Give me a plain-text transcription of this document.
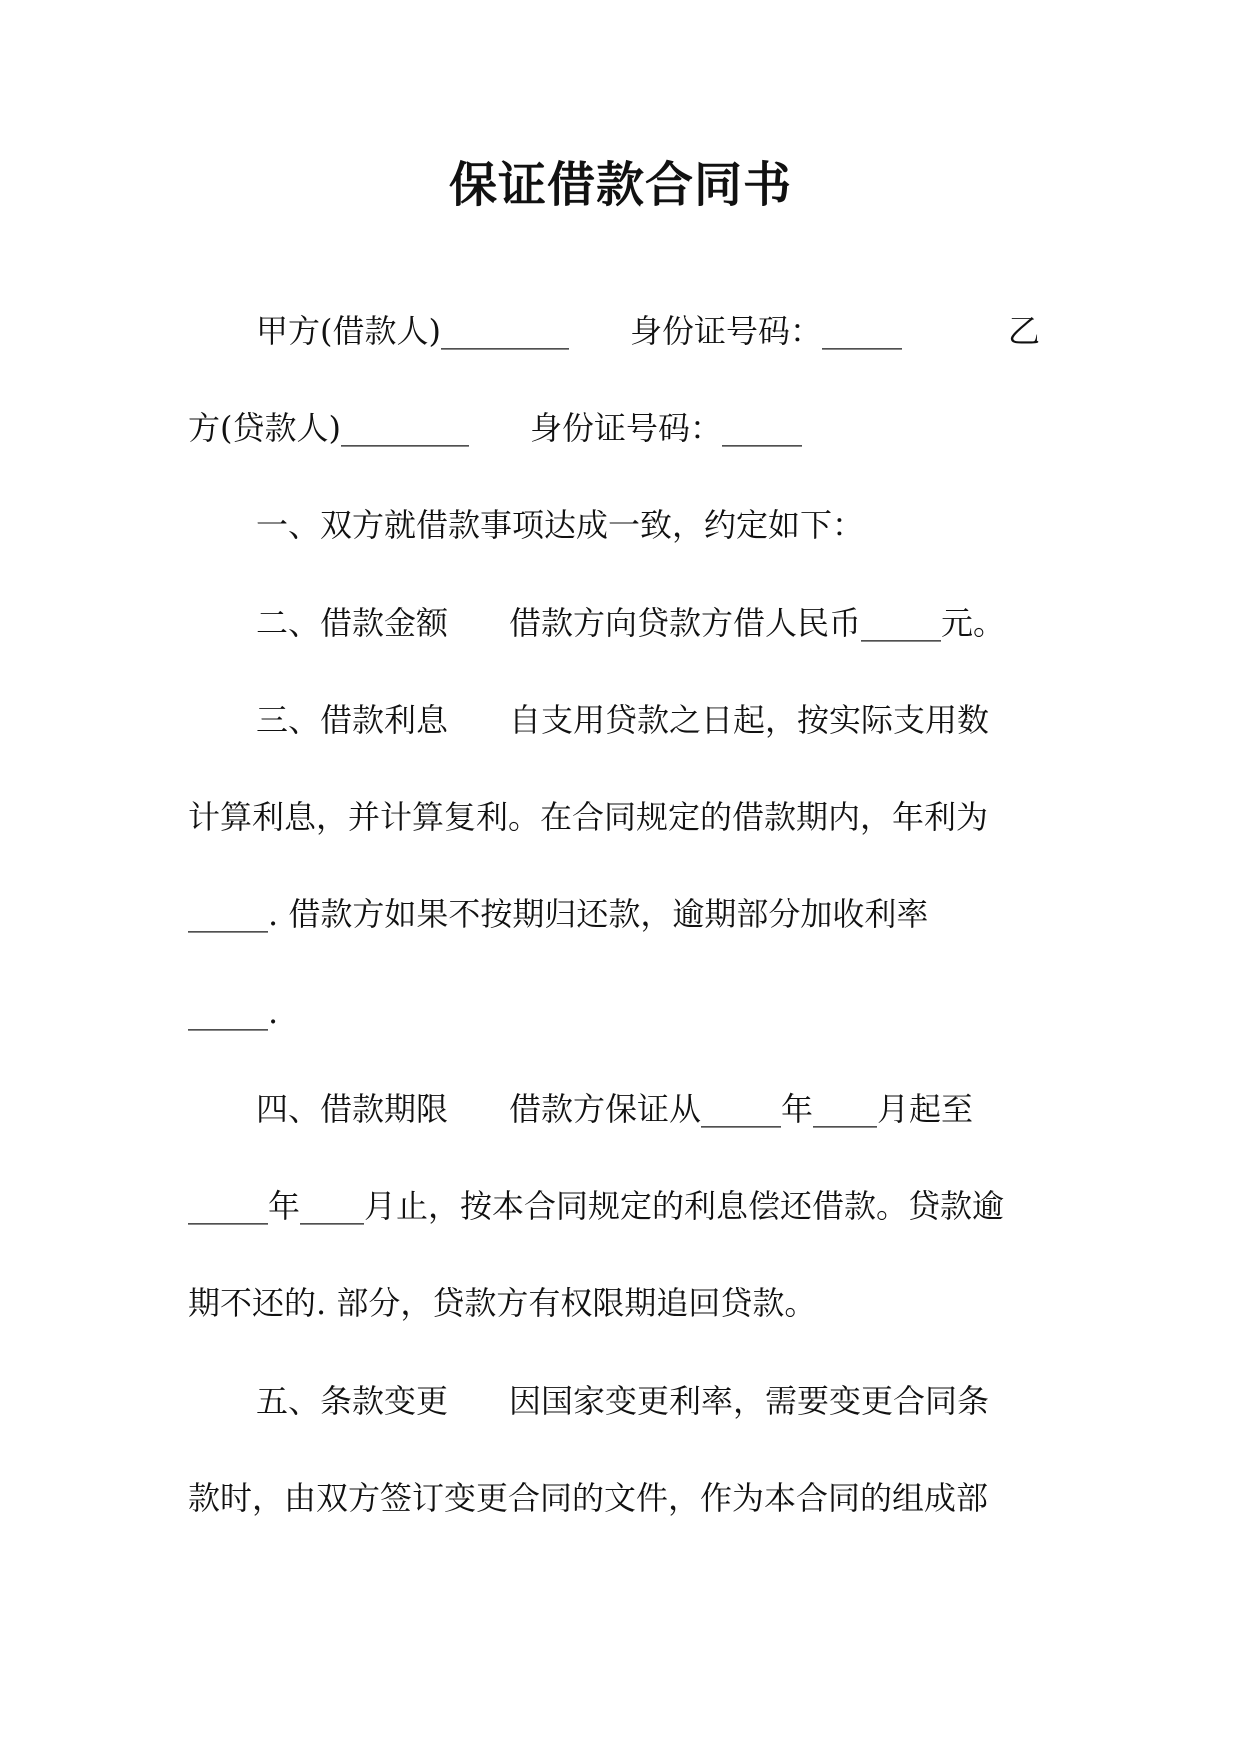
保证借款合同书
甲方(借款人)________      身份证号码：_____	乙
方(贷款人)________      身份证号码：_____
一、双方就借款事项达成一致，约定如下：
二、借款金额      借款方向贷款方借人民币_____元。
三、借款利息      自支用贷款之日起，按实际支用数
计算利息，并计算复利。在合同规定的借款期内，年利为
_____. 借款方如果不按期归还款，逾期部分加收利率
_____.
四、借款期限      借款方保证从_____年____月起至
_____年____月止，按本合同规定的利息偿还借款。贷款逾
期不还的. 部分，贷款方有权限期追回贷款。
五、条款变更      因国家变更利率，需要变更合同条
款时，由双方签订变更合同的文件，作为本合同的组成部
